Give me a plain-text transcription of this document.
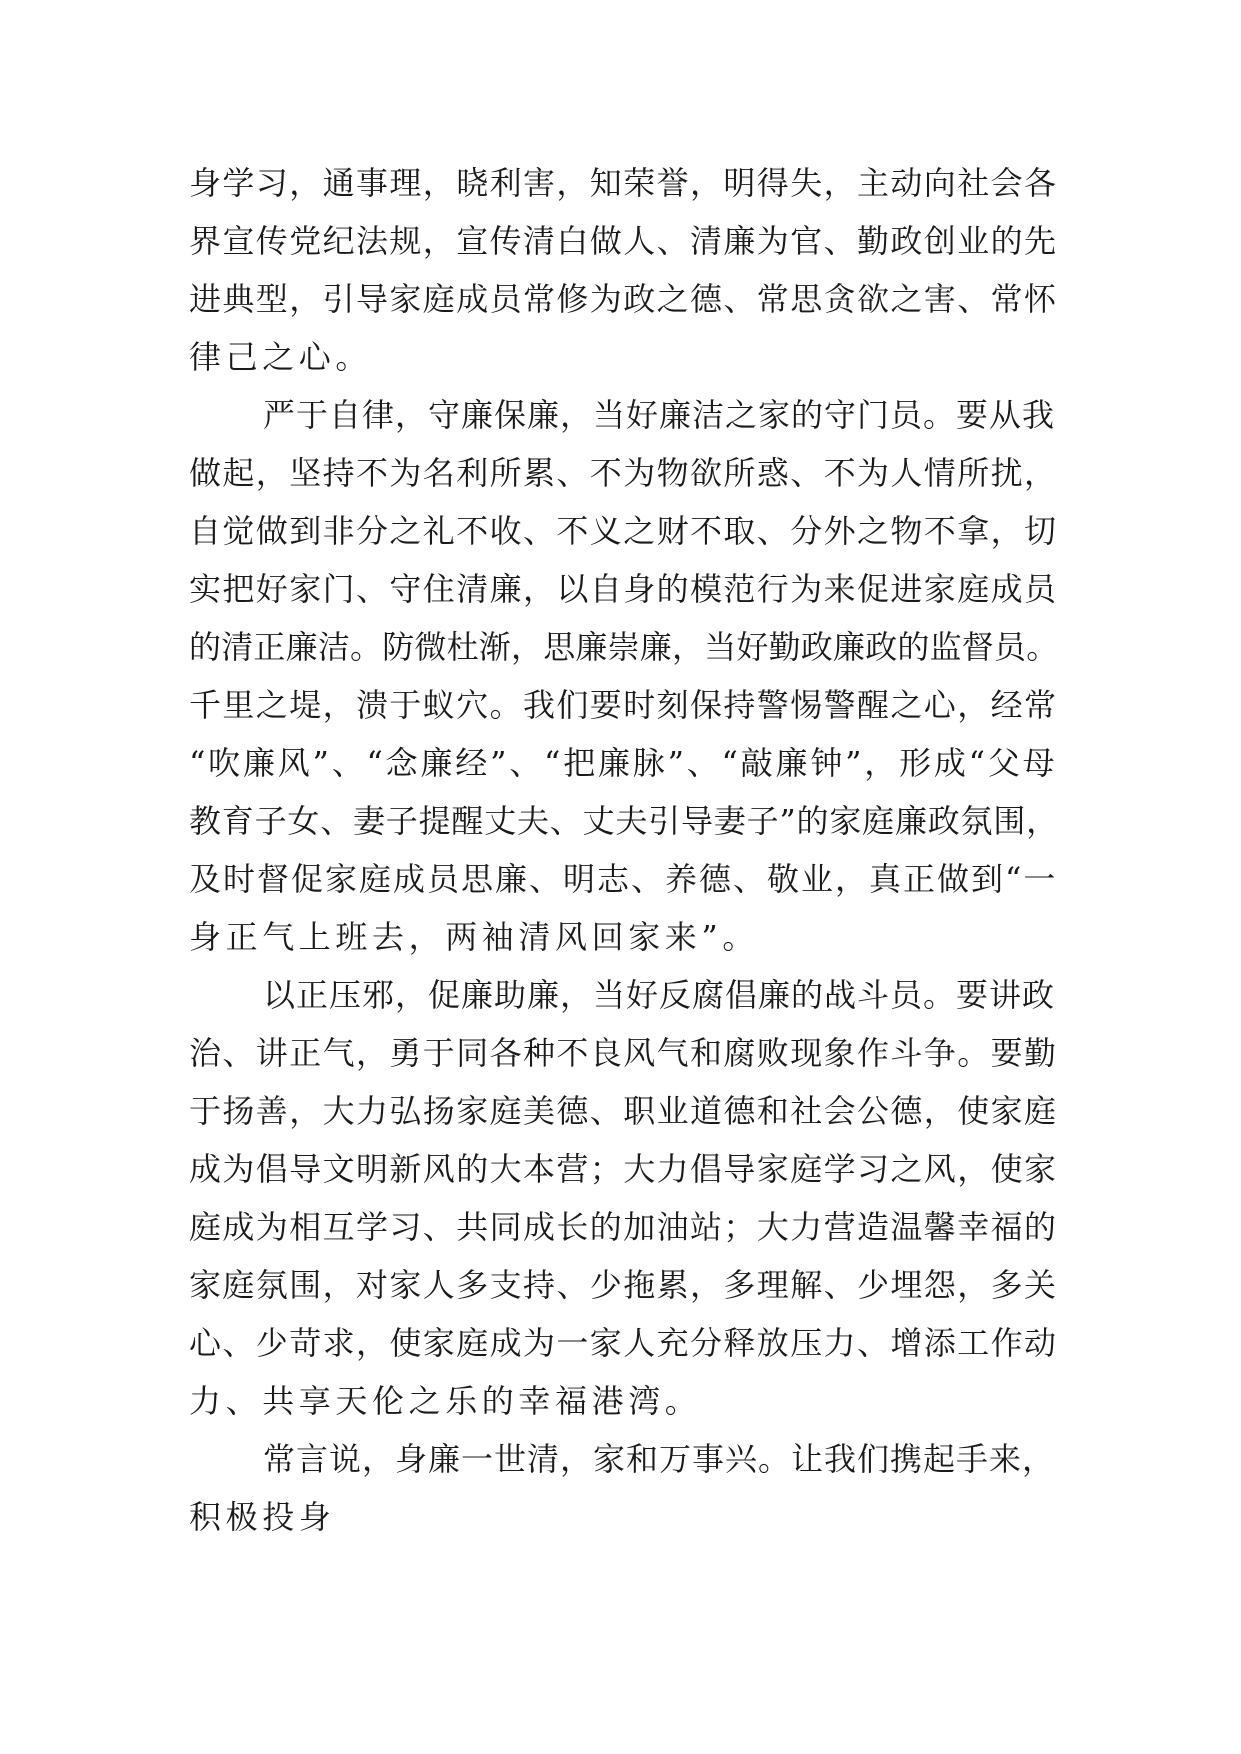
身学习，通事理，晓利害，知荣誉，明得失，主动向社会各
界宣传党纪法规，宣传清白做人、清廉为官、勤政创业的先
进典型，引导家庭成员常修为政之德、常思贪欲之害、常怀
律己之心。
严于自律，守廉保廉，当好廉洁之家的守门员。要从我
做起，坚持不为名利所累、不为物欲所惑、不为人情所扰，
自觉做到非分之礼不收、不义之财不取、分外之物不拿，切
实把好家门、守住清廉，以自身的模范行为来促进家庭成员
的清正廉洁。防微杜渐，思廉崇廉，当好勤政廉政的监督员。
千里之堤，溃于蚁穴。我们要时刻保持警惕警醒之心，经常
“吹廉风”、“念廉经”、“把廉脉”、“敲廉钟”，形成“父母
教育子女、妻子提醒丈夫、丈夫引导妻子”的家庭廉政氛围，
及时督促家庭成员思廉、明志、养德、敬业，真正做到“一
身正气上班去，两袖清风回家来”。
以正压邪，促廉助廉，当好反腐倡廉的战斗员。要讲政
治、讲正气，勇于同各种不良风气和腐败现象作斗争。要勤
于扬善，大力弘扬家庭美德、职业道德和社会公德，使家庭
成为倡导文明新风的大本营；大力倡导家庭学习之风，使家
庭成为相互学习、共同成长的加油站；大力营造温馨幸福的
家庭氛围，对家人多支持、少拖累，多理解、少埋怨，多关
心、少苛求，使家庭成为一家人充分释放压力、增添工作动
力、共享天伦之乐的幸福港湾。
常言说，身廉一世清，家和万事兴。让我们携起手来，
积极投身
